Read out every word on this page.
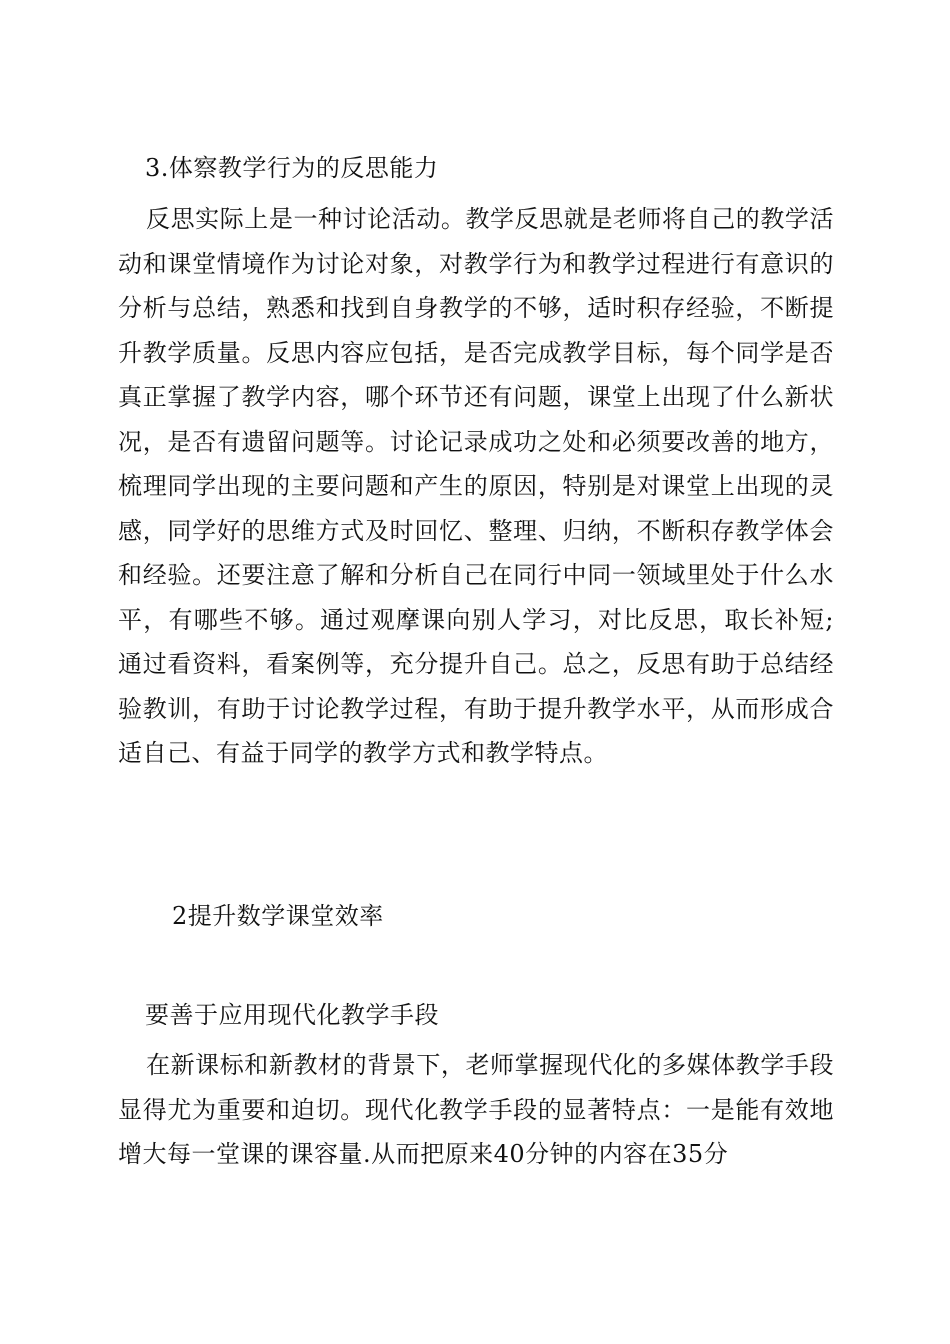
3.体察教学行为的反思能力

反思实际上是一种讨论活动。教学反思就是老师将自己的教学活动和课堂情境作为讨论对象，对教学行为和教学过程进行有意识的分析与总结，熟悉和找到自身教学的不够，适时积存经验，不断提升教学质量。反思内容应包括，是否完成教学目标，每个同学是否真正掌握了教学内容，哪个环节还有问题，课堂上出现了什么新状况，是否有遗留问题等。讨论记录成功之处和必须要改善的地方，梳理同学出现的主要问题和产生的原因，特别是对课堂上出现的灵感，同学好的思维方式及时回忆、整理、归纳，不断积存教学体会和经验。还要注意了解和分析自己在同行中同一领域里处于什么水平，有哪些不够。通过观摩课向别人学习，对比反思，取长补短;通过看资料，看案例等，充分提升自己。总之，反思有助于总结经验教训，有助于讨论教学过程，有助于提升教学水平，从而形成合适自己、有益于同学的教学方式和教学特点。

2提升数学课堂效率
要善于应用现代化教学手段

在新课标和新教材的背景下，老师掌握现代化的多媒体教学手段显得尤为重要和迫切。现代化教学手段的显著特点：一是能有效地增大每一堂课的课容量.从而把原来40分钟的内容在35分
